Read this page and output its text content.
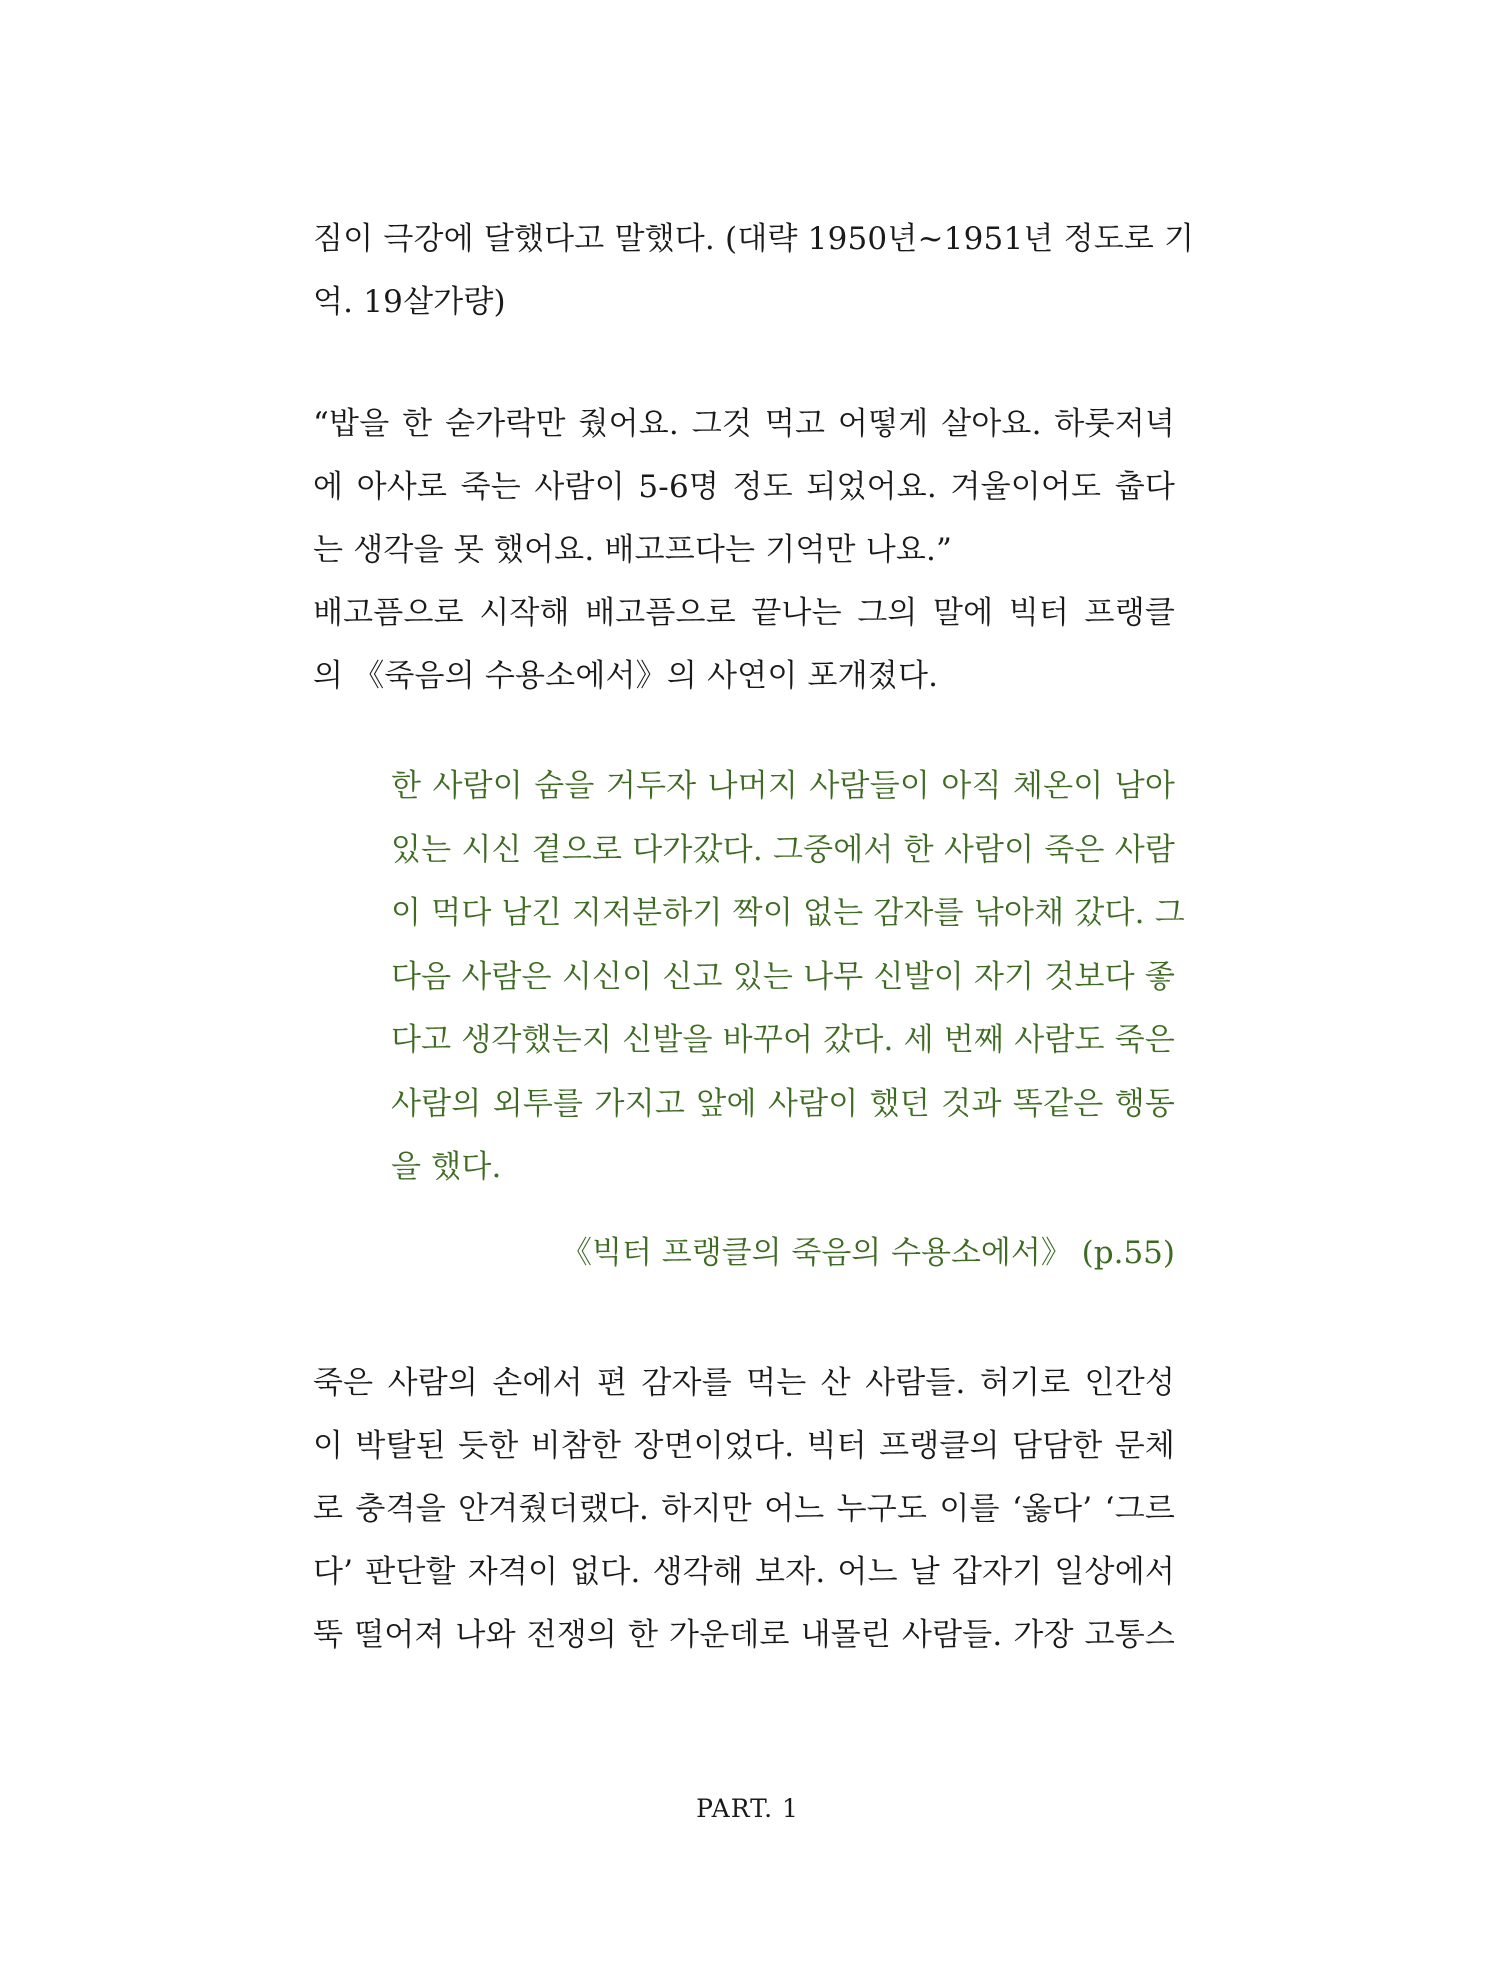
짐이 극강에 달했다고 말했다. (대략 1950년~1951년 정도로 기
억. 19살가량)
“밥을 한 숟가락만 줬어요. 그것 먹고 어떻게 살아요. 하룻저녁
에 아사로 죽는 사람이 5-6명 정도 되었어요. 겨울이어도 춥다
는 생각을 못 했어요. 배고프다는 기억만 나요.”
배고픔으로 시작해 배고픔으로 끝나는 그의 말에 빅터 프랭클
의 《죽음의 수용소에서》의 사연이 포개졌다.
한 사람이 숨을 거두자 나머지 사람들이 아직 체온이 남아
있는 시신 곁으로 다가갔다. 그중에서 한 사람이 죽은 사람
이 먹다 남긴 지저분하기 짝이 없는 감자를 낚아채 갔다. 그
다음 사람은 시신이 신고 있는 나무 신발이 자기 것보다 좋
다고 생각했는지 신발을 바꾸어 갔다. 세 번째 사람도 죽은
사람의 외투를 가지고 앞에 사람이 했던 것과 똑같은 행동
을 했다.
《빅터 프랭클의 죽음의 수용소에서》 (p.55)
죽은 사람의 손에서 편 감자를 먹는 산 사람들. 허기로 인간성
이 박탈된 듯한 비참한 장면이었다. 빅터 프랭클의 담담한 문체
로 충격을 안겨줬더랬다. 하지만 어느 누구도 이를 ‘옳다’ ‘그르
다’ 판단할 자격이 없다. 생각해 보자. 어느 날 갑자기 일상에서
뚝 떨어져 나와 전쟁의 한 가운데로 내몰린 사람들. 가장 고통스
PART. 1
